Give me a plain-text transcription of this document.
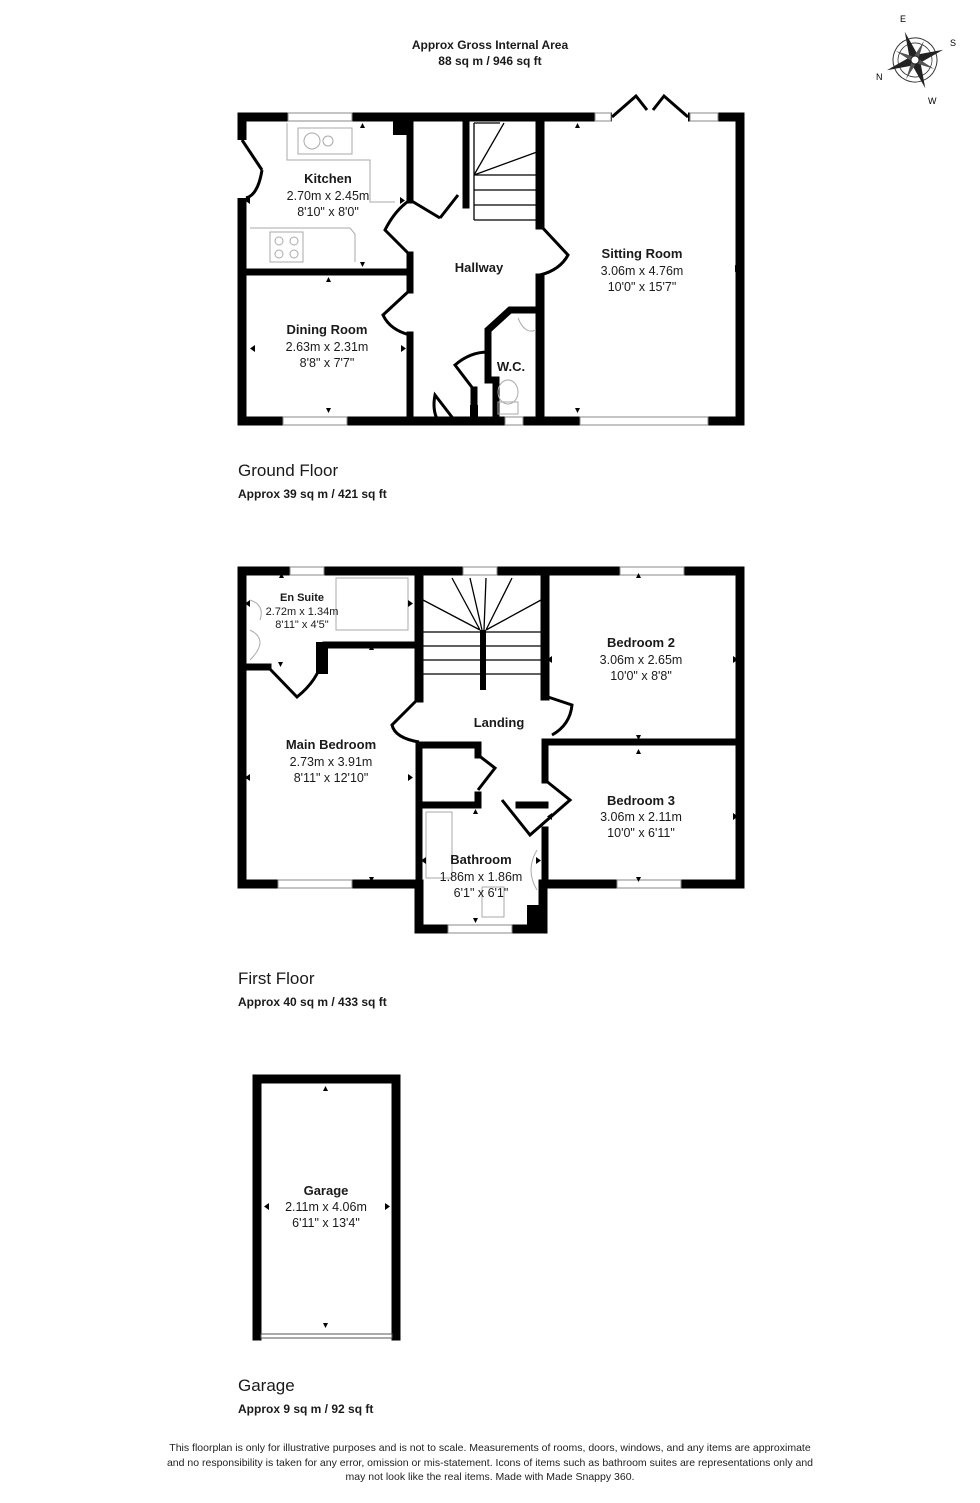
Approx Gross Internal Area
88 sq m / 946 sq ft
N
E
S
W
Kitchen
2.70m x 2.45m
8'10" x 8'0"
Dining Room
2.63m x 2.31m
8'8" x 7'7"
Hallway
W.C.
Sitting Room
3.06m x 4.76m
10'0" x 15'7"
En Suite
2.72m x 1.34m
8'11" x 4'5"
Main Bedroom
2.73m x 3.91m
8'11" x 12'10"
Landing
Bedroom 2
3.06m x 2.65m
10'0" x 8'8"
Bedroom 3
3.06m x 2.11m
10'0" x 6'11"
Bathroom
1.86m x 1.86m
6'1" x 6'1"
Garage
2.11m x 4.06m
6'11" x 13'4"
Ground Floor
Approx 39 sq m / 421 sq ft
First Floor
Approx 40 sq m / 433 sq ft
Garage
Approx 9 sq m / 92 sq ft
This floorplan is only for illustrative purposes and is not to scale. Measurements of rooms, doors, windows, and any items are approximate
and no responsibility is taken for any error, omission or mis-statement. Icons of items such as bathroom suites are representations only and
may not look like the real items. Made with Made Snappy 360.
